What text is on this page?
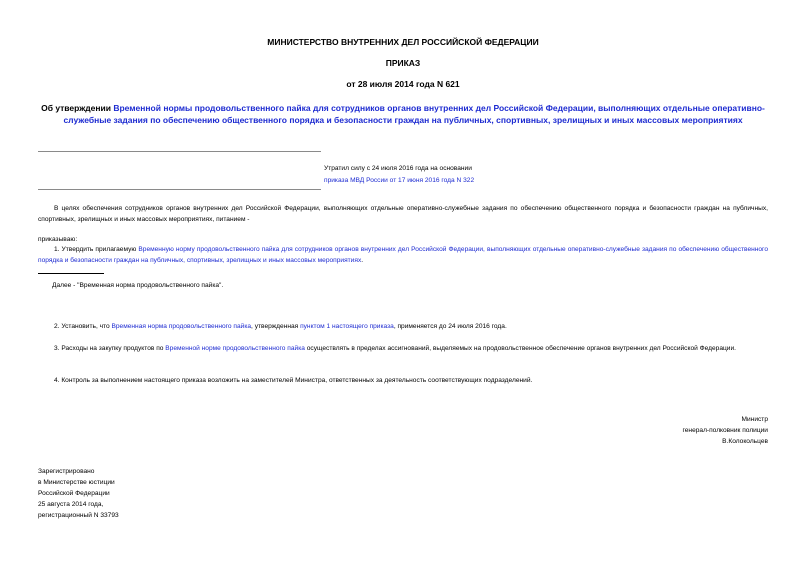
МИНИСТЕРСТВО ВНУТРЕННИХ ДЕЛ РОССИЙСКОЙ ФЕДЕРАЦИИ
ПРИКАЗ
от 28 июля 2014 года N 621
Об утверждении Временной нормы продовольственного пайка для сотрудников органов внутренних дел Российской Федерации, выполняющих отдельные оперативно-служебные задания по обеспечению общественного порядка и безопасности граждан на публичных, спортивных, зрелищных и иных массовых мероприятиях
Утратил силу с 24 июля 2016 года на основании
приказа МВД России от 17 июня 2016 года N 322
В целях обеспечения сотрудников органов внутренних дел Российской Федерации, выполняющих отдельные оперативно-служебные задания по обеспечению общественного порядка и безопасности граждан на публичных, спортивных, зрелищных и иных массовых мероприятиях, питанием -
приказываю:
1. Утвердить прилагаемую Временную норму продовольственного пайка для сотрудников органов внутренних дел Российской Федерации, выполняющих отдельные оперативно-служебные задания по обеспечению общественного порядка и безопасности граждан на публичных, спортивных, зрелищных и иных массовых мероприятиях.
Далее - "Временная норма продовольственного пайка".
2. Установить, что Временная норма продовольственного пайка, утвержденная пунктом 1 настоящего приказа, применяется до 24 июля 2016 года.
3. Расходы на закупку продуктов по Временной норме продовольственного пайка осуществлять в пределах ассигнований, выделяемых на продовольственное обеспечение органов внутренних дел Российской Федерации.
4. Контроль за выполнением настоящего приказа возложить на заместителей Министра, ответственных за деятельность соответствующих подразделений.
Министр
генерал-полковник полиции
В.Колокольцев
Зарегистрировано
в Министерстве юстиции
Российской Федерации
25 августа 2014 года,
регистрационный N 33793
